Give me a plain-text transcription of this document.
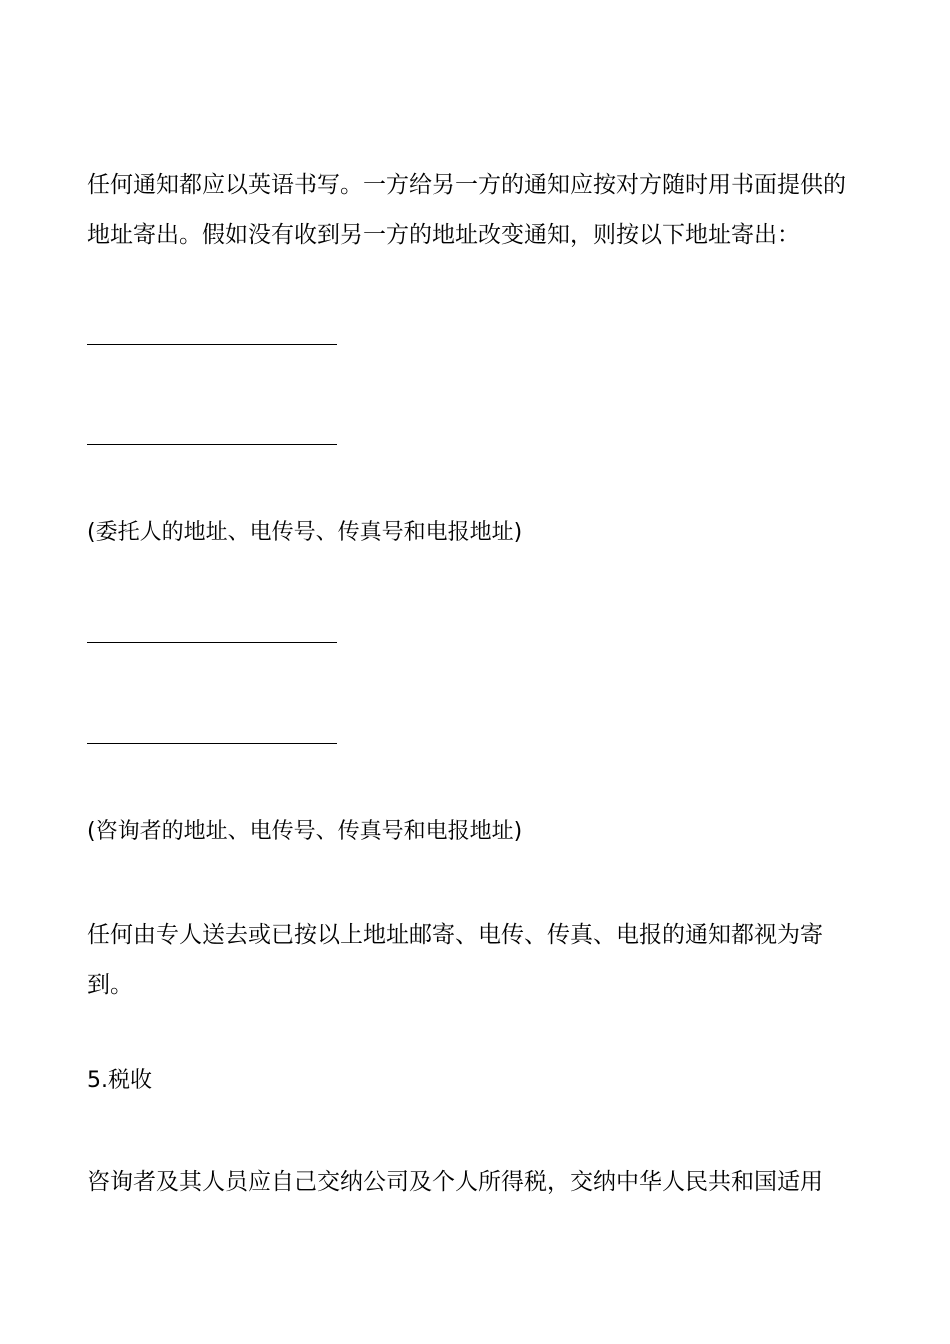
任何通知都应以英语书写。一方给另一方的通知应按对方随时用书面提供的地址寄出。假如没有收到另一方的地址改变通知，则按以下地址寄出：

(委托人的地址、电传号、传真号和电报地址)

(咨询者的地址、电传号、传真号和电报地址)

任何由专人送去或已按以上地址邮寄、电传、传真、电报的通知都视为寄到。

5.税收

咨询者及其人员应自己交纳公司及个人所得税，交纳中华人民共和国适用
